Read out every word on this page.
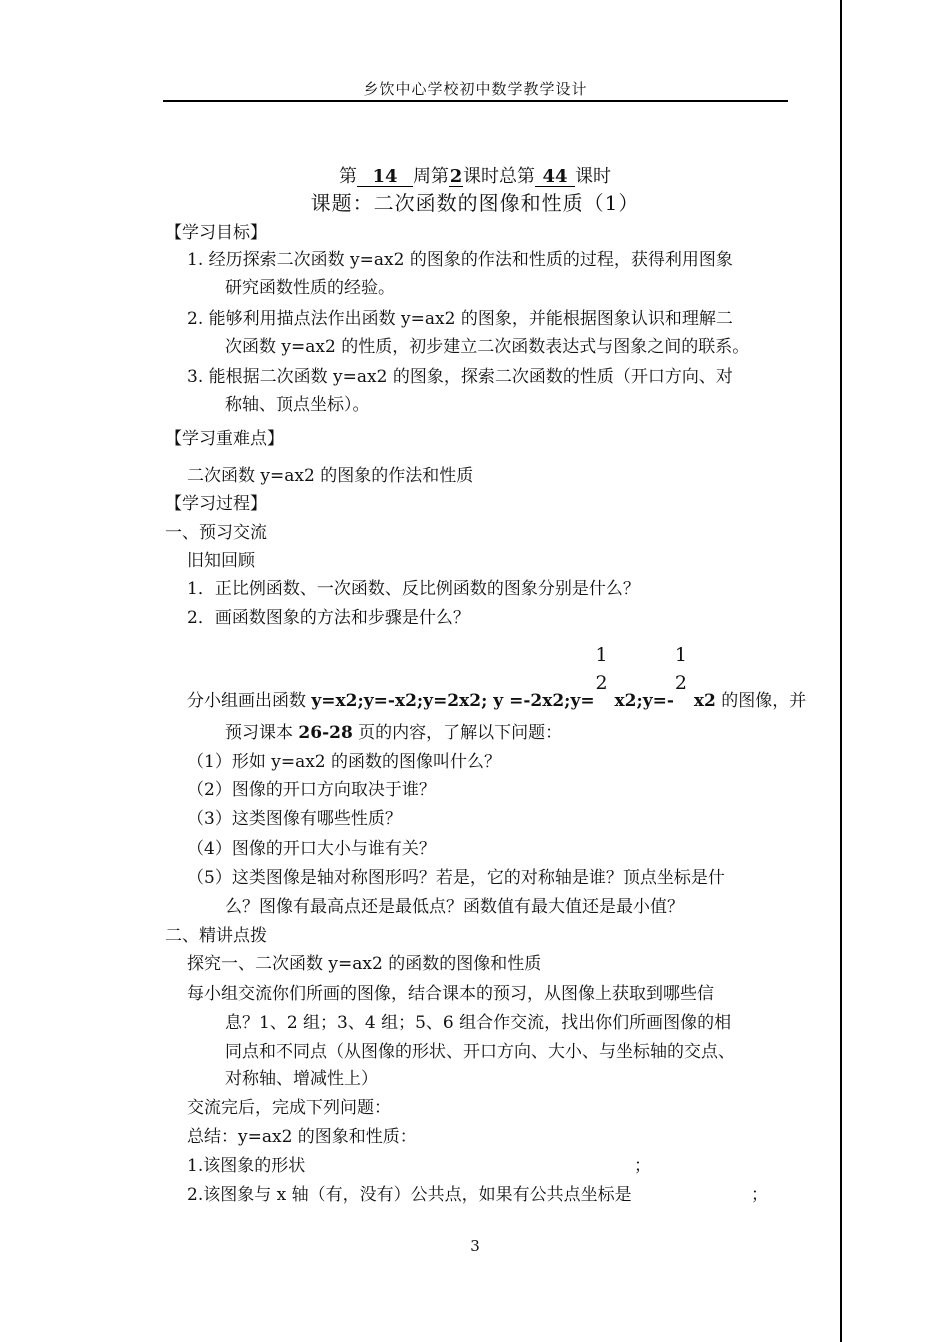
乡饮中心学校初中数学教学设计
第 14 周第2课时总第 44 课时
课题：二次函数的图像和性质（1）
【学习目标】
1. 经历探索二次函数 y=ax2 的图象的作法和性质的过程，获得利用图象
研究函数性质的经验。
2. 能够利用描点法作出函数 y=ax2 的图象，并能根据图象认识和理解二
次函数 y=ax2 的性质，初步建立二次函数表达式与图象之间的联系。
3. 能根据二次函数 y=ax2 的图象，探索二次函数的性质（开口方向、对
称轴、顶点坐标）。
【学习重难点】
二次函数 y=ax2 的图象的作法和性质
【学习过程】
一、预习交流
旧知回顾
1．正比例函数、一次函数、反比例函数的图象分别是什么？
2．画函数图象的方法和步骤是什么？
分小组画出函数 y=x2;y=-x2;y=2x2; y =-2x2;y= $\frac{1}{2}$ x2;y=- $\frac{1}{2} x2$ 的图像，并
预习课本 26-28 页的内容，了解以下问题：
（1）形如 y=ax2 的函数的图像叫什么？
（2）图像的开口方向取决于谁？
（3）这类图像有哪些性质？
（4）图像的开口大小与谁有关？
（5）这类图像是轴对称图形吗？若是，它的对称轴是谁？顶点坐标是什
么？图像有最高点还是最低点？函数值有最大值还是最小值？
二、精讲点拨
探究一、二次函数 y=ax2 的函数的图像和性质
每小组交流你们所画的图像，结合课本的预习，从图像上获取到哪些信
息？1、2 组；3、4 组；5、6 组合作交流，找出你们所画图像的相
同点和不同点（从图像的形状、开口方向、大小、与坐标轴的交点、
对称轴、增减性上）
交流完后，完成下列问题：
总结：y=ax2 的图象和性质：
1.该图象的形状	；
2.该图象与 x 轴（有，没有）公共点，如果有公共点坐标是	；
3
